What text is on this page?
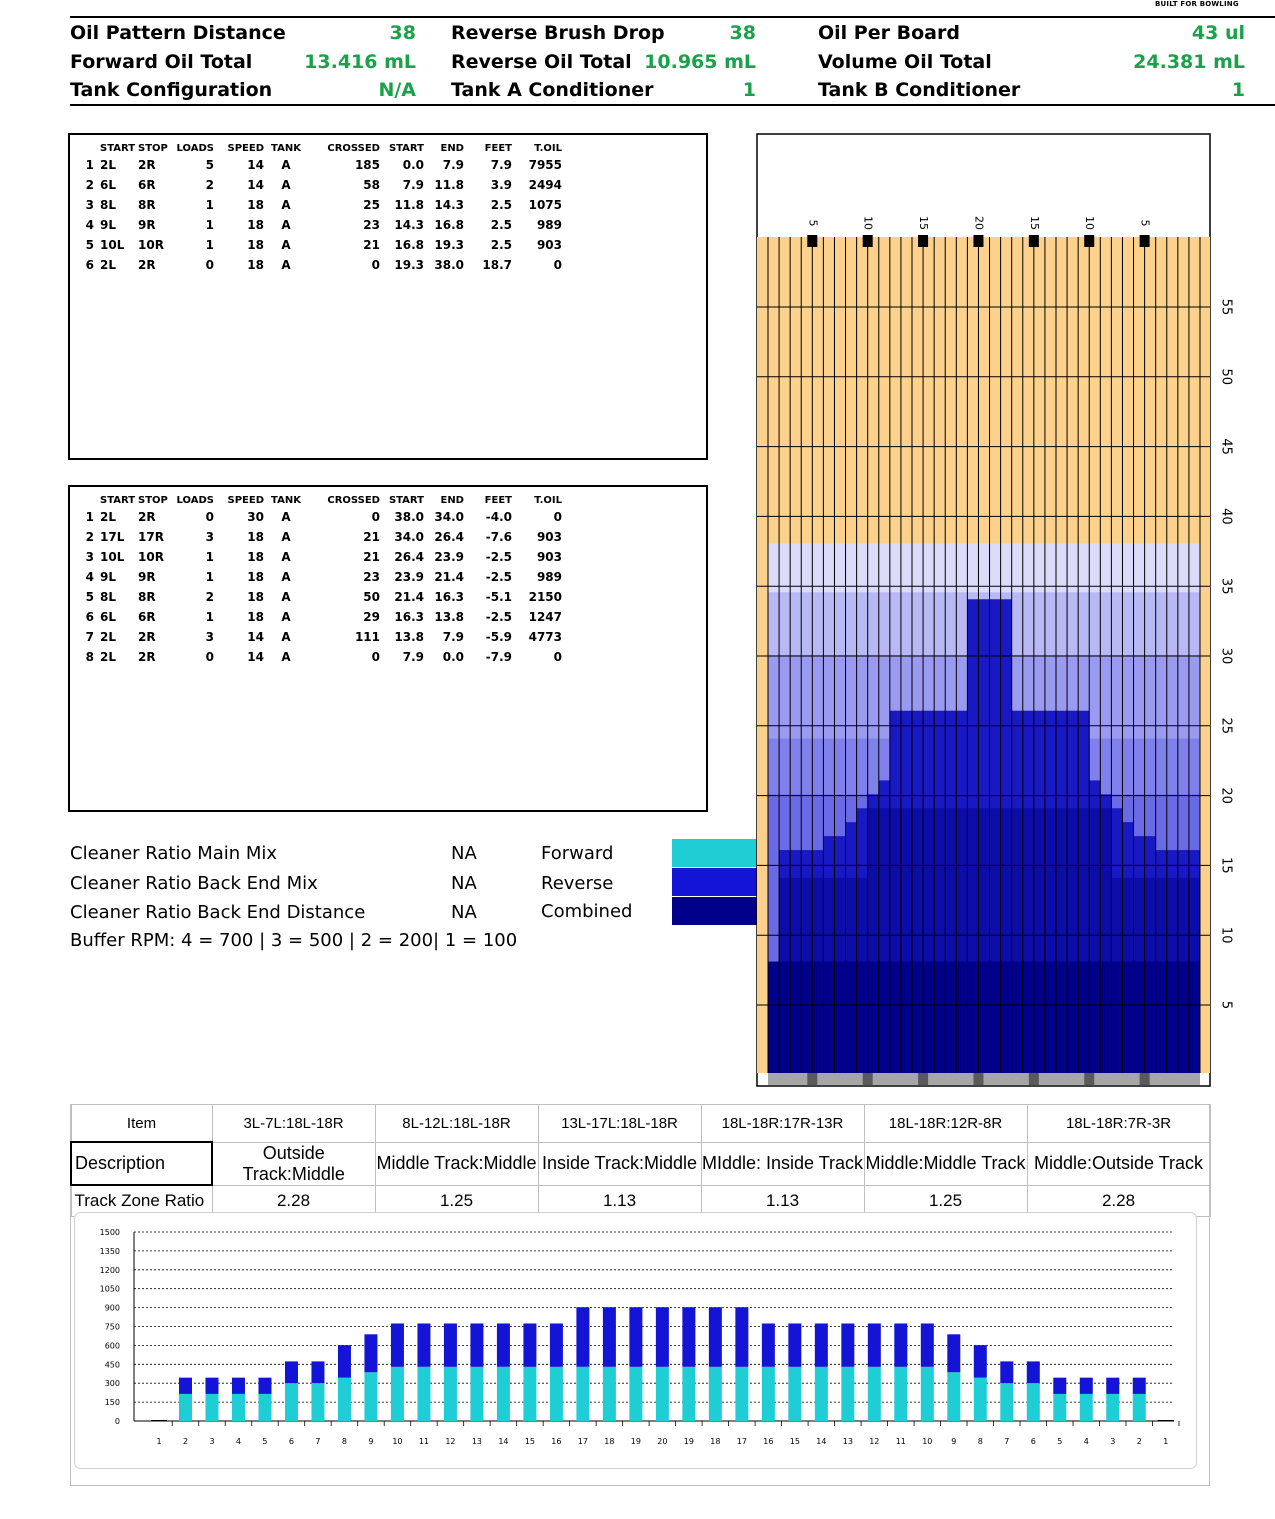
BUILT FOR BOWLING
Oil Pattern Distance	38 Reverse Brush Drop	38	Oil Per Board	43 ul
Forward Oil Total	13.416 mL Reverse Oil Total 10.965 mL	Volume Oil Total	24.381 mL
Tank Configuration	N/A Tank A Conditioner	1	Tank B Conditioner	1
	START	STOP	LOADS	SPEED	TANK	CROSSED	START	END	FEET	T.OIL
1	2L	2R	5	14	A	185	0.0	7.9	7.9	7955
2	6L	6R	2	14	A	58	7.9	11.8	3.9	2494
3	8L	8R	1	18	A	25	11.8	14.3	2.5	1075
4	9L	9R	1	18	A	23	14.3	16.8	2.5	989
5	10L	10R	1	18	A	21	16.8	19.3	2.5	903
6	2L	2R	0	18	A	0	19.3	38.0	18.7	0
	START	STOP	LOADS	SPEED	TANK	CROSSED	START	END	FEET	T.OIL
1	2L	2R	0	30	A	0	38.0	34.0	-4.0	0
2	17L	17R	3	18	A	21	34.0	26.4	-7.6	903
3	10L	10R	1	18	A	21	26.4	23.9	-2.5	903
4	9L	9R	1	18	A	23	23.9	21.4	-2.5	989
5	8L	8R	2	18	A	50	21.4	16.3	-5.1	2150
6	6L	6R	1	18	A	29	16.3	13.8	-2.5	1247
7	2L	2R	3	14	A	111	13.8	7.9	-5.9	4773
8	2L	2R	0	14	A	0	7.9	0.0	-7.9	0
Cleaner Ratio Main Mix	NA
Cleaner Ratio Back End Mix	NA
Cleaner Ratio Back End Distance	NA
Buffer RPM: 4 = 700 | 3 = 500 | 2 = 200| 1 = 100
Forward
Reverse
Combined
55
50
45
40
35
30
25
20
15
10
5
5	10	15	20	15	10	5
Item	3L-7L:18L-18R	8L-12L:18L-18R	13L-17L:18L-18R	18L-18R:17R-13R	18L-18R:12R-8R	18L-18R:7R-3R
Description	Outside Track:Middle	Middle Track:Middle	Inside Track:Middle	MIddle: Inside Track	Middle:Middle Track	Middle:Outside Track
Track Zone Ratio	2.28	1.25	1.13	1.13	1.25	2.28
1500
1350
1200
1050
900
750
600
450
300
150
0
1	2	3	4	5	6	7	8	9 10 11 12 13 14 15 16 17 18 19 20 19 18 17 16 15 14 13 12 11 10 9	8	7	6	5	4	3	2	1
